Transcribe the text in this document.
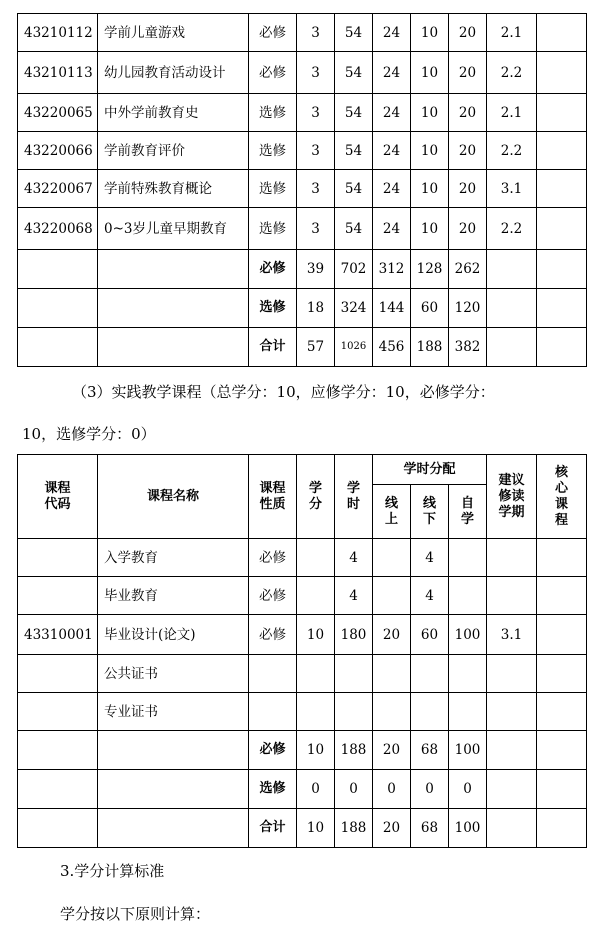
43210112	学前儿童游戏	必修	3	54	24	10	20	2.1	
43210113	幼儿园教育活动设计	必修	3	54	24	10	20	2.2	
43220065	中外学前教育史	选修	3	54	24	10	20	2.1	
43220066	学前教育评价	选修	3	54	24	10	20	2.2	
43220067	学前特殊教育概论	选修	3	54	24	10	20	3.1	
43220068	0~3岁儿童早期教育	选修	3	54	24	10	20	2.2	
		必修	39	702	312	128	262		
		选修	18	324	144	60	120		
		合计	57	1026	456	188	382		
（3）实践教学课程（总学分：10，应修学分：10，必修学分：
10，选修学分：0）
课程代码	课程名称	课程性质	学分	学时	学时分配			建议修读学期	核心课程
					线上	线下	自学		
	入学教育	必修		4		4			
	毕业教育	必修		4		4			
43310001	毕业设计(论文)	必修	10	180	20	60	100	3.1	
	公共证书								
	专业证书								
		必修	10	188	20	68	100		
		选修	0	0	0	0	0		
		合计	10	188	20	68	100		
3.学分计算标准
学分按以下原则计算：
